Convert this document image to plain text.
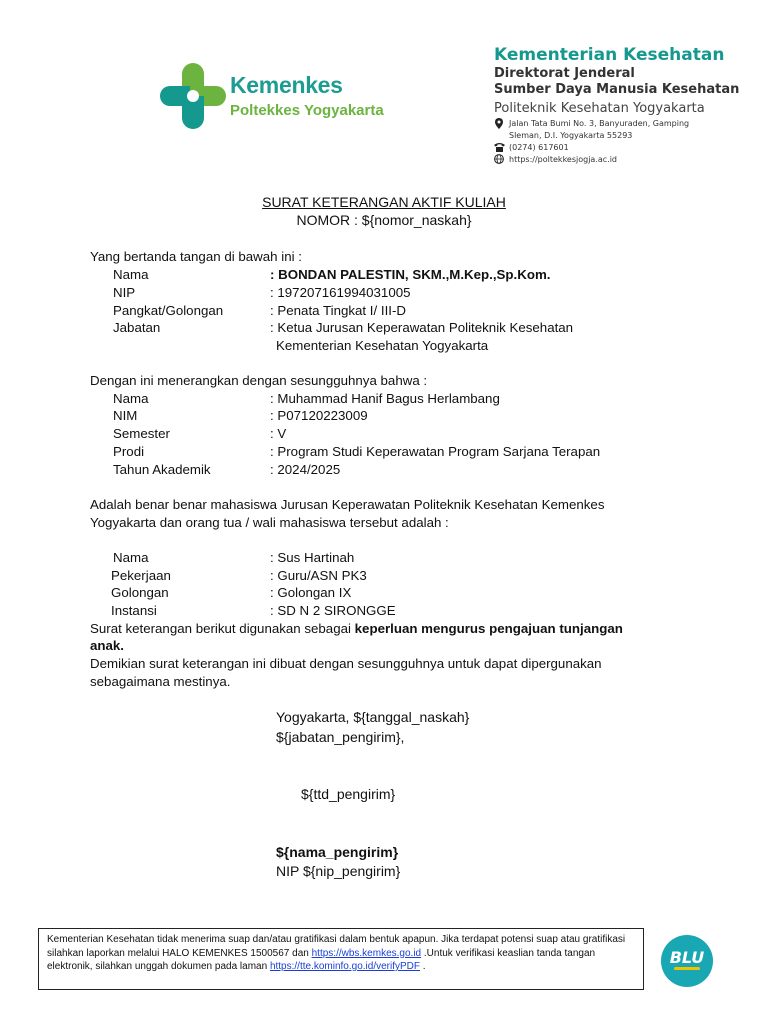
Kemenkes
Poltekkes Yogyakarta
Kementerian Kesehatan
Direktorat Jenderal
Sumber Daya Manusia Kesehatan
Politeknik Kesehatan Yogyakarta
Jalan Tata Bumi No. 3, Banyuraden, Gamping
Sleman, D.I. Yogyakarta 55293
(0274) 617601
https://poltekkesjogja.ac.id
SURAT KETERANGAN AKTIF KULIAH
NOMOR : ${nomor_naskah}
Yang bertanda tangan di bawah ini :
Nama	: BONDAN PALESTIN, SKM.,M.Kep.,Sp.Kom.
NIP	: 197207161994031005
Pangkat/Golongan	: Penata Tingkat I/ III-D
Jabatan	: Ketua Jurusan Keperawatan Politeknik Kesehatan
Kementerian Kesehatan Yogyakarta
Dengan ini menerangkan dengan sesungguhnya bahwa :
Nama	: Muhammad Hanif Bagus Herlambang
NIM	: P07120223009
Semester	: V
Prodi	: Program Studi Keperawatan Program Sarjana Terapan
Tahun Akademik	: 2024/2025
Adalah benar benar mahasiswa Jurusan Keperawatan Politeknik Kesehatan Kemenkes
Yogyakarta dan orang tua / wali mahasiswa tersebut adalah :
Nama	: Sus Hartinah
Pekerjaan	: Guru/ASN PK3
Golongan	: Golongan IX
Instansi	: SD N 2 SIRONGGE
Surat keterangan berikut digunakan sebagai keperluan mengurus pengajuan tunjangan
anak.
Demikian surat keterangan ini dibuat dengan sesungguhnya untuk dapat dipergunakan
sebagaimana mestinya.
Yogyakarta, ${tanggal_naskah}
${jabatan_pengirim},
${ttd_pengirim}
${nama_pengirim}
NIP ${nip_pengirim}
Kementerian Kesehatan tidak menerima suap dan/atau gratifikasi dalam bentuk apapun. Jika terdapat potensi suap atau gratifikasi silahkan laporkan melalui HALO KEMENKES 1500567 dan https://wbs.kemkes.go.id .Untuk verifikasi keaslian tanda tangan elektronik, silahkan unggah dokumen pada laman https://tte.kominfo.go.id/verifyPDF .	BLU
